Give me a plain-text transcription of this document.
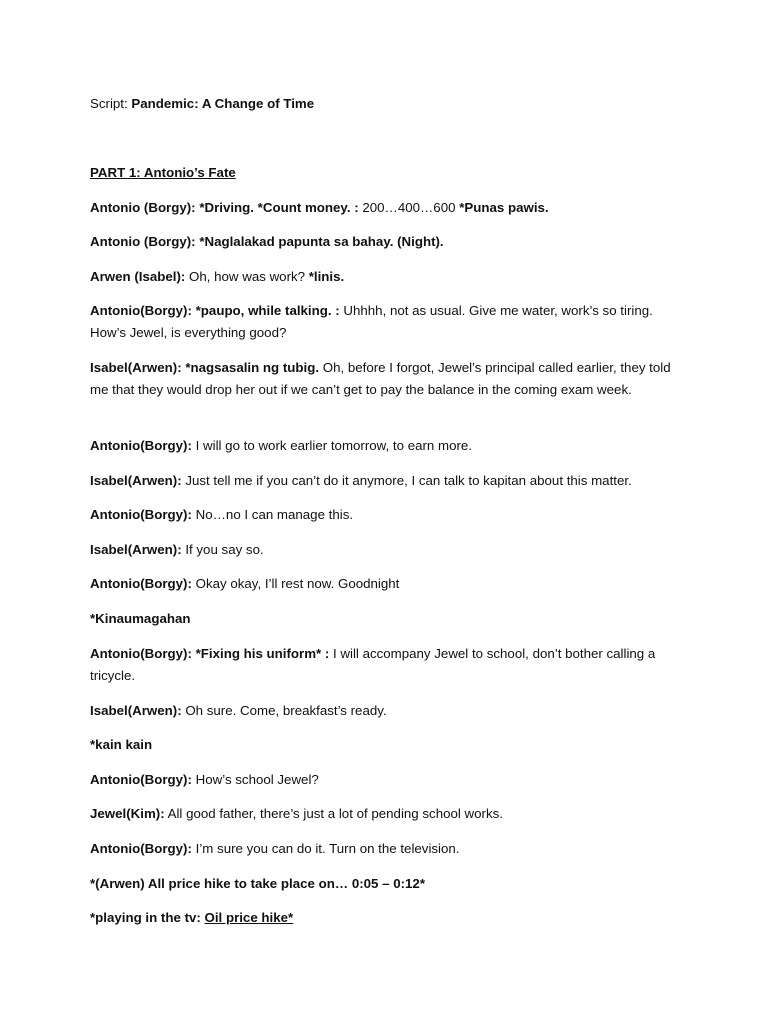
Script: Pandemic: A Change of Time
PART 1: Antonio’s Fate
Antonio (Borgy): *Driving. *Count money. : 200…400…600 *Punas pawis.
Antonio (Borgy): *Naglalakad papunta sa bahay. (Night).
Arwen (Isabel): Oh, how was work? *linis.
Antonio(Borgy): *paupo, while talking. : Uhhhh, not as usual. Give me water, work’s so tiring. How’s Jewel, is everything good?
Isabel(Arwen): *nagsasalin ng tubig. Oh, before I forgot, Jewel’s principal called earlier, they told me that they would drop her out if we can’t get to pay the balance in the coming exam week.
Antonio(Borgy): I will go to work earlier tomorrow, to earn more.
Isabel(Arwen): Just tell me if you can’t do it anymore, I can talk to kapitan about this matter.
Antonio(Borgy): No…no I can manage this.
Isabel(Arwen): If you say so.
Antonio(Borgy): Okay okay, I’ll rest now. Goodnight
*Kinaumagahan
Antonio(Borgy): *Fixing his uniform* : I will accompany Jewel to school, don’t bother calling a tricycle.
Isabel(Arwen): Oh sure. Come, breakfast’s ready.
*kain kain
Antonio(Borgy): How’s school Jewel?
Jewel(Kim): All good father, there’s just a lot of pending school works.
Antonio(Borgy): I’m sure you can do it. Turn on the television.
*(Arwen) All price hike to take place on… 0:05 – 0:12*
*playing in the tv: Oil price hike*
